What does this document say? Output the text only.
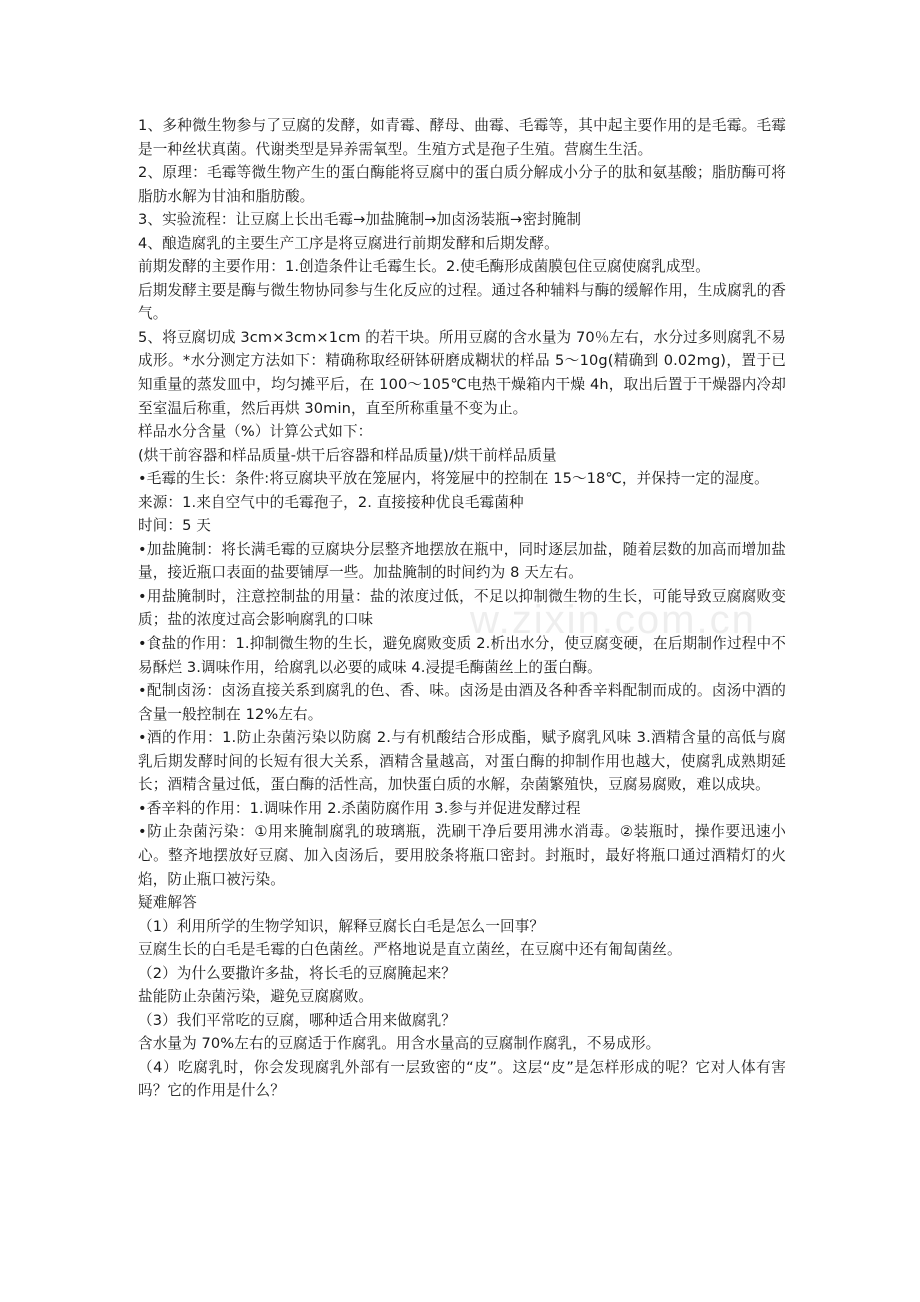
w.zixin.com.cn

1、多种微生物参与了豆腐的发酵，如青霉、酵母、曲霉、毛霉等，其中起主要作用的是毛霉。毛霉是一种丝状真菌。代谢类型是异养需氧型。生殖方式是孢子生殖。营腐生生活。

2、原理：毛霉等微生物产生的蛋白酶能将豆腐中的蛋白质分解成小分子的肽和氨基酸；脂肪酶可将脂肪水解为甘油和脂肪酸。

3、实验流程：让豆腐上长出毛霉→加盐腌制→加卤汤装瓶→密封腌制

4、酿造腐乳的主要生产工序是将豆腐进行前期发酵和后期发酵。

前期发酵的主要作用：1.创造条件让毛霉生长。2.使毛酶形成菌膜包住豆腐使腐乳成型。

后期发酵主要是酶与微生物协同参与生化反应的过程。通过各种辅料与酶的缓解作用，生成腐乳的香气。

5、将豆腐切成 3cm×3cm×1cm 的若干块。所用豆腐的含水量为 70％左右，水分过多则腐乳不易成形。*水分测定方法如下：精确称取经研钵研磨成糊状的样品 5～10g(精确到 0.02mg)，置于已知重量的蒸发皿中，均匀摊平后，在 100～105℃电热干燥箱内干燥 4h，取出后置于干燥器内冷却至室温后称重，然后再烘 30min，直至所称重量不变为止。

样品水分含量（%）计算公式如下：

(烘干前容器和样品质量-烘干后容器和样品质量)/烘干前样品质量

•毛霉的生长：条件:将豆腐块平放在笼屉内，将笼屉中的控制在 15～18℃，并保持一定的湿度。

来源：1.来自空气中的毛霉孢子，2. 直接接种优良毛霉菌种

时间：5 天

•加盐腌制：将长满毛霉的豆腐块分层整齐地摆放在瓶中，同时逐层加盐，随着层数的加高而增加盐量，接近瓶口表面的盐要铺厚一些。加盐腌制的时间约为 8 天左右。

•用盐腌制时，注意控制盐的用量：盐的浓度过低，不足以抑制微生物的生长，可能导致豆腐腐败变质；盐的浓度过高会影响腐乳的口味

•食盐的作用：1.抑制微生物的生长，避免腐败变质 2.析出水分，使豆腐变硬，在后期制作过程中不易酥烂 3.调味作用，给腐乳以必要的咸味 4.浸提毛酶菌丝上的蛋白酶。

•配制卤汤：卤汤直接关系到腐乳的色、香、味。卤汤是由酒及各种香辛料配制而成的。卤汤中酒的含量一般控制在 12%左右。

•酒的作用：1.防止杂菌污染以防腐 2.与有机酸结合形成酯，赋予腐乳风味 3.酒精含量的高低与腐乳后期发酵时间的长短有很大关系，酒精含量越高，对蛋白酶的抑制作用也越大，使腐乳成熟期延长；酒精含量过低，蛋白酶的活性高，加快蛋白质的水解，杂菌繁殖快，豆腐易腐败，难以成块。

•香辛料的作用：1.调味作用 2.杀菌防腐作用 3.参与并促进发酵过程

•防止杂菌污染：①用来腌制腐乳的玻璃瓶，洗刷干净后要用沸水消毒。②装瓶时，操作要迅速小心。整齐地摆放好豆腐、加入卤汤后，要用胶条将瓶口密封。封瓶时，最好将瓶口通过酒精灯的火焰，防止瓶口被污染。

疑难解答

（1）利用所学的生物学知识，解释豆腐长白毛是怎么一回事？

豆腐生长的白毛是毛霉的白色菌丝。严格地说是直立菌丝，在豆腐中还有匍匐菌丝。

（2）为什么要撒许多盐，将长毛的豆腐腌起来？

盐能防止杂菌污染，避免豆腐腐败。

（3）我们平常吃的豆腐，哪种适合用来做腐乳？

含水量为 70%左右的豆腐适于作腐乳。用含水量高的豆腐制作腐乳，不易成形。

（4）吃腐乳时，你会发现腐乳外部有一层致密的“皮”。这层“皮”是怎样形成的呢？它对人体有害吗？它的作用是什么？
